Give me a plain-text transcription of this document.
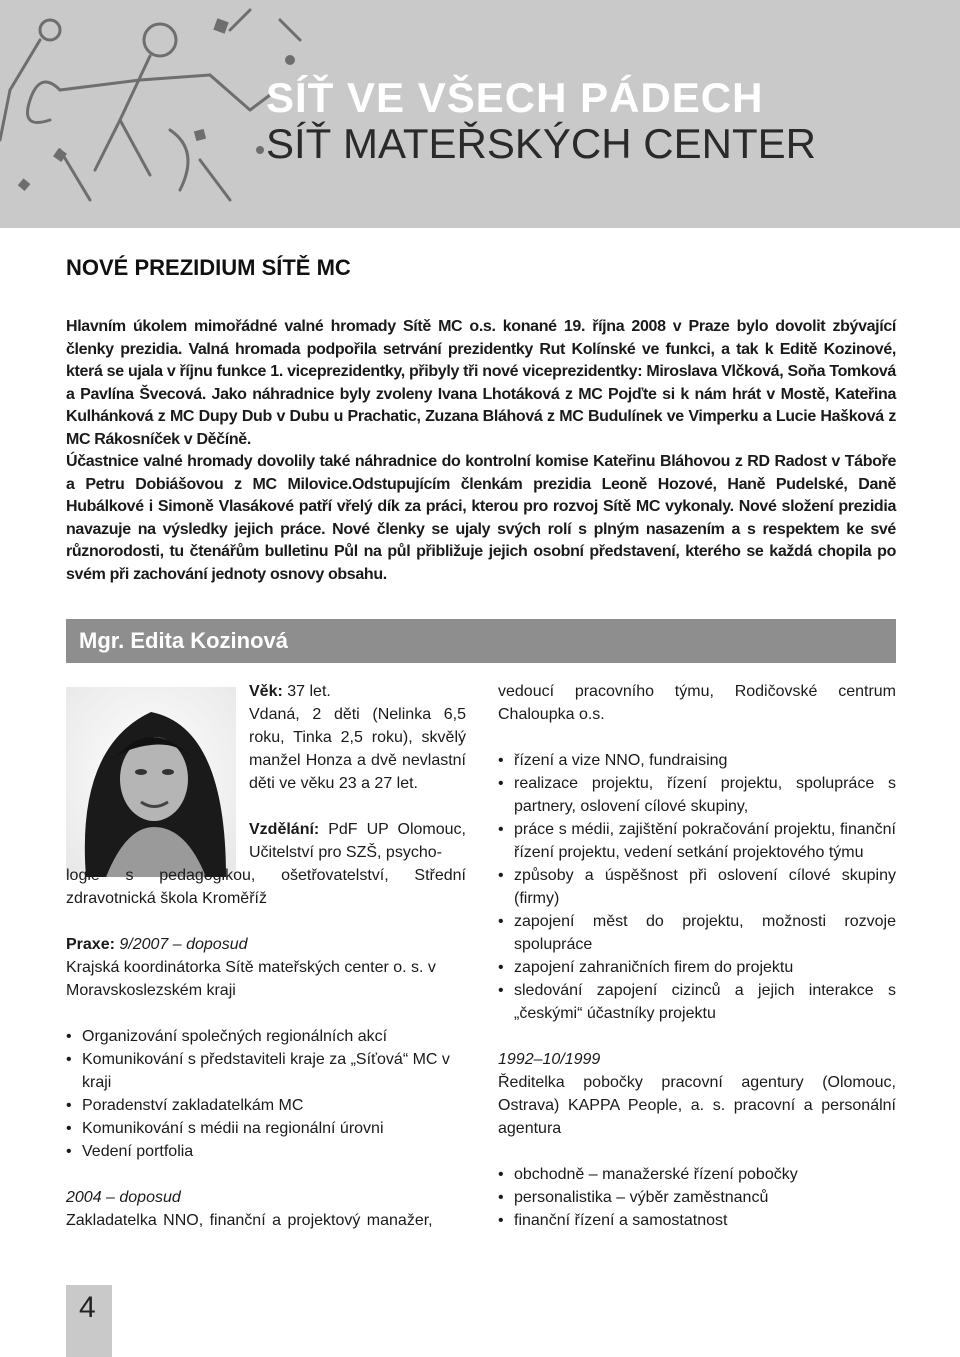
SÍŤ VE VŠECH PÁDECH
SÍŤ MATEŘSKÝCH CENTER
NOVÉ PREZIDIUM SÍTĚ MC

Hlavním úkolem mimořádné valné hromady Sítě MC o.s. konané 19. října 2008 v Praze bylo dovolit zbývající členky prezidia. Valná hromada podpořila setrvání prezidentky Rut Kolínské ve funkci, a tak k Editě Kozinové, která se ujala v říjnu funkce 1. viceprezidentky, přibyly tři nové viceprezidentky: Miroslava Vlčková, Soňa Tomková a Pavlína Švecová. Jako náhradnice byly zvoleny Ivana Lhotáková z MC Pojďte si k nám hrát v Mostě, Kateřina Kulhánková z MC Dupy Dub v Dubu u Prachatic, Zuzana Bláhová z MC Budulínek ve Vimperku a Lucie Hašková z MC Rákosníček v Děčíně.

Účastnice valné hromady dovolily také náhradnice do kontrolní komise Kateřinu Bláhovou z RD Radost v Táboře a Petru Dobiášovou z MC Milovice.Odstupujícím členkám prezidia Leoně Hozové, Haně Pudelské, Daně Hubálkové i Simoně Vlasákové patří vřelý dík za práci, kterou pro rozvoj Sítě MC vykonaly. Nové složení prezidia navazuje na výsledky jejich práce. Nové členky se ujaly svých rolí s plným nasazením a s respektem ke své různorodosti, tu čtenářům bulletinu Půl na půl přibližuje jejich osobní představení, kterého se každá chopila po svém při zachování jednoty osnovy obsahu.

Mgr. Edita Kozinová
Věk: 37 let.
Vdaná, 2 děti (Nelinka 6,5 roku, Tinka 2,5 roku), skvělý manžel Honza a dvě nevlastní děti ve věku 23 a 27 let.
Vzdělání: PdF UP Olomouc, Učitelství pro SZŠ, psycho-
logie s pedagogikou, ošetřovatelství, Střední zdravotnická škola Kroměříž
Praxe: 9/2007 – doposud
Krajská koordinátorka Sítě mateřských center o. s. v Moravskoslezském kraji
• Organizování společných regionálních akcí
• Komunikování s představiteli kraje za „Síťová“ MC v kraji
• Poradenství zakladatelkám MC
• Komunikování s médii na regionální úrovni
• Vedení portfolia
2004 – doposud
Zakladatelka NNO, finanční a projektový manažer,
vedoucí pracovního týmu, Rodičovské centrum Chaloupka o.s.
• řízení a vize NNO, fundraising
• realizace projektu, řízení projektu, spolupráce s partnery, oslovení cílové skupiny,
• práce s médii, zajištění pokračování projektu, finanční řízení projektu, vedení setkání projektového týmu
• způsoby a úspěšnost při oslovení cílové skupiny (firmy)
• zapojení měst do projektu, možnosti rozvoje spolupráce
• zapojení zahraničních firem do projektu
• sledování zapojení cizinců a jejich interakce s „českými“ účastníky projektu
1992–10/1999
Ředitelka pobočky pracovní agentury (Olomouc, Ostrava) KAPPA People, a. s. pracovní a personální agentura
• obchodně – manažerské řízení pobočky
• personalistika – výběr zaměstnanců
• finanční řízení a samostatnost
4
